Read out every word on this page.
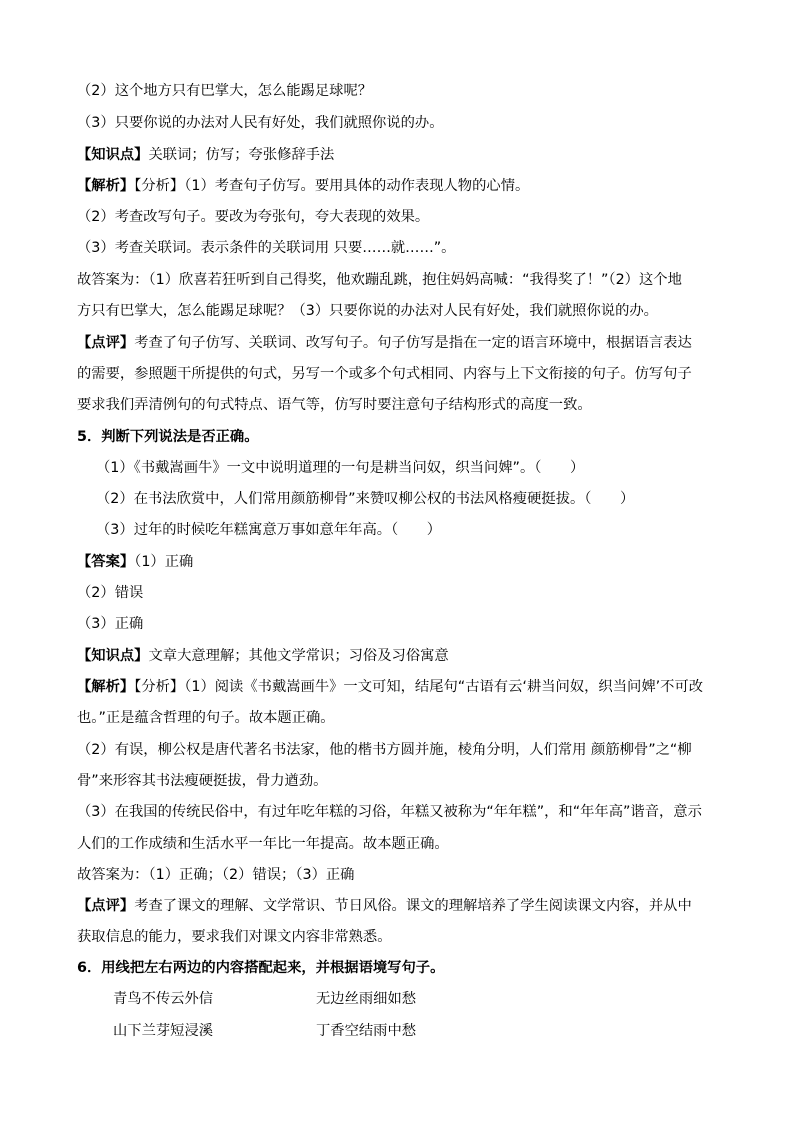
（2）这个地方只有巴掌大，怎么能踢足球呢？
（3）只要你说的办法对人民有好处，我们就照你说的办。
【知识点】关联词；仿写；夸张修辞手法
【解析】【分析】（1）考查句子仿写。要用具体的动作表现人物的心情。
（2）考查改写句子。要改为夸张句，夸大表现的效果。
（3）考查关联词。表示条件的关联词用 只要……就……”。
故答案为：（1）欣喜若狂听到自己得奖，他欢蹦乱跳，抱住妈妈高喊：“我得奖了！”（2）这个地
方只有巴掌大，怎么能踢足球呢？（3）只要你说的办法对人民有好处，我们就照你说的办。
【点评】考查了句子仿写、关联词、改写句子。句子仿写是指在一定的语言环境中，根据语言表达
的需要，参照题干所提供的句式，另写一个或多个句式相同、内容与上下文衔接的句子。仿写句子
要求我们弄清例句的句式特点、语气等，仿写时要注意句子结构形式的高度一致。
5．判断下列说法是否正确。
（1）《书戴嵩画牛》一文中说明道理的一句是耕当问奴，织当问婢”。（　　）
（2）在书法欣赏中，人们常用颜筋柳骨”来赞叹柳公权的书法风格瘦硬挺拔。（　　）
（3）过年的时候吃年糕寓意万事如意年年高。（　　）
【答案】（1）正确
（2）错误
（3）正确
【知识点】文章大意理解；其他文学常识；习俗及习俗寓意
【解析】【分析】（1）阅读《书戴嵩画牛》一文可知，结尾句“古语有云‘耕当问奴，织当问婢’不可改
也。”正是蕴含哲理的句子。故本题正确。
（2）有误，柳公权是唐代著名书法家，他的楷书方圆并施，棱角分明，人们常用 颜筋柳骨”之“柳
骨”来形容其书法瘦硬挺拔，骨力遒劲。
（3）在我国的传统民俗中，有过年吃年糕的习俗，年糕又被称为“年年糕”，和“年年高”谐音，意示
人们的工作成绩和生活水平一年比一年提高。故本题正确。
故答案为：（1）正确；（2）错误；（3）正确
【点评】考查了课文的理解、文学常识、节日风俗。课文的理解培养了学生阅读课文内容，并从中
获取信息的能力，要求我们对课文内容非常熟悉。
6．用线把左右两边的内容搭配起来，并根据语境写句子。
青鸟不传云外信	无边丝雨细如愁
山下兰芽短浸溪	丁香空结雨中愁
